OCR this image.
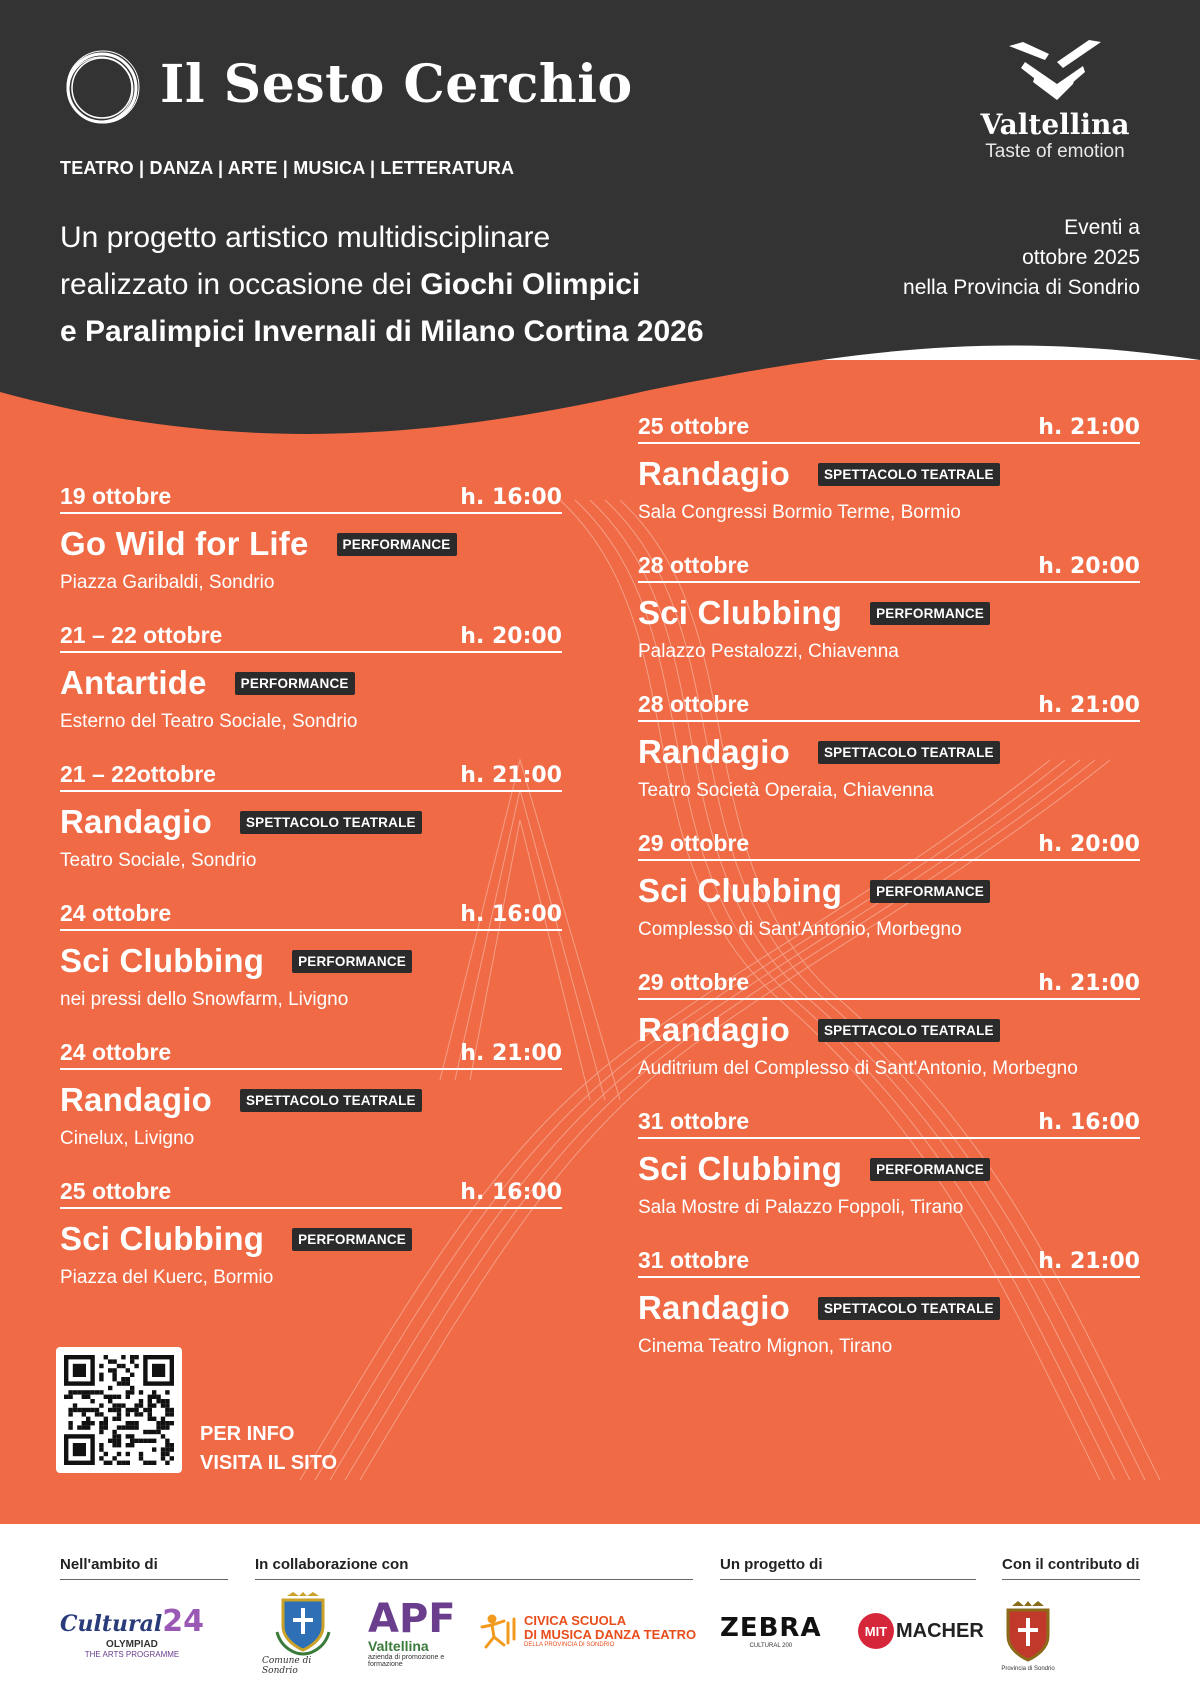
Il Sesto Cerchio
TEATRO | DANZA | ARTE | MUSICA | LETTERATURA
Un progetto artistico multidisciplinare
realizzato in occasione dei Giochi Olimpici
e Paralimpici Invernali di Milano Cortina 2026
Valtellina
Taste of emotion
Eventi a
ottobre 2025
nella Provincia di Sondrio
19 ottobre	h. 16:00
Go Wild for Life	PERFORMANCE
Piazza Garibaldi, Sondrio
21 – 22 ottobre	h. 20:00
Antartide	PERFORMANCE
Esterno del Teatro Sociale, Sondrio
21 – 22ottobre	h. 21:00
Randagio	SPETTACOLO TEATRALE
Teatro Sociale, Sondrio
24 ottobre	h. 16:00
Sci Clubbing	PERFORMANCE
nei pressi dello Snowfarm, Livigno
24 ottobre	h. 21:00
Randagio	SPETTACOLO TEATRALE
Cinelux, Livigno
25 ottobre	h. 16:00
Sci Clubbing	PERFORMANCE
Piazza del Kuerc, Bormio
25 ottobre	h. 21:00
Randagio	SPETTACOLO TEATRALE
Sala Congressi Bormio Terme, Bormio
28 ottobre	h. 20:00
Sci Clubbing	PERFORMANCE
Palazzo Pestalozzi, Chiavenna
28 ottobre	h. 21:00
Randagio	SPETTACOLO TEATRALE
Teatro Società Operaia, Chiavenna
29 ottobre	h. 20:00
Sci Clubbing	PERFORMANCE
Complesso di Sant'Antonio, Morbegno
29 ottobre	h. 21:00
Randagio	SPETTACOLO TEATRALE
Auditrium del Complesso di Sant'Antonio, Morbegno
31 ottobre	h. 16:00
Sci Clubbing	PERFORMANCE
Sala Mostre di Palazzo Foppoli, Tirano
31 ottobre	h. 21:00
Randagio	SPETTACOLO TEATRALE
Cinema Teatro Mignon, Tirano
PER INFO
VISITA IL SITO
Nell'ambito di	In collaborazione con	Un progetto di	Con il contributo di
Cultural 24
OLYMPIAD
THE ARTS PROGRAMME
Comune di Sondrio
APF
Valtellina
azienda di promozione e formazione
CIVICA SCUOLA
DI MUSICA DANZA TEATRO
DELLA PROVINCIA DI SONDRIO
ZEBRA
CULTURAL 200
MIT MACHER
Provincia di Sondrio
